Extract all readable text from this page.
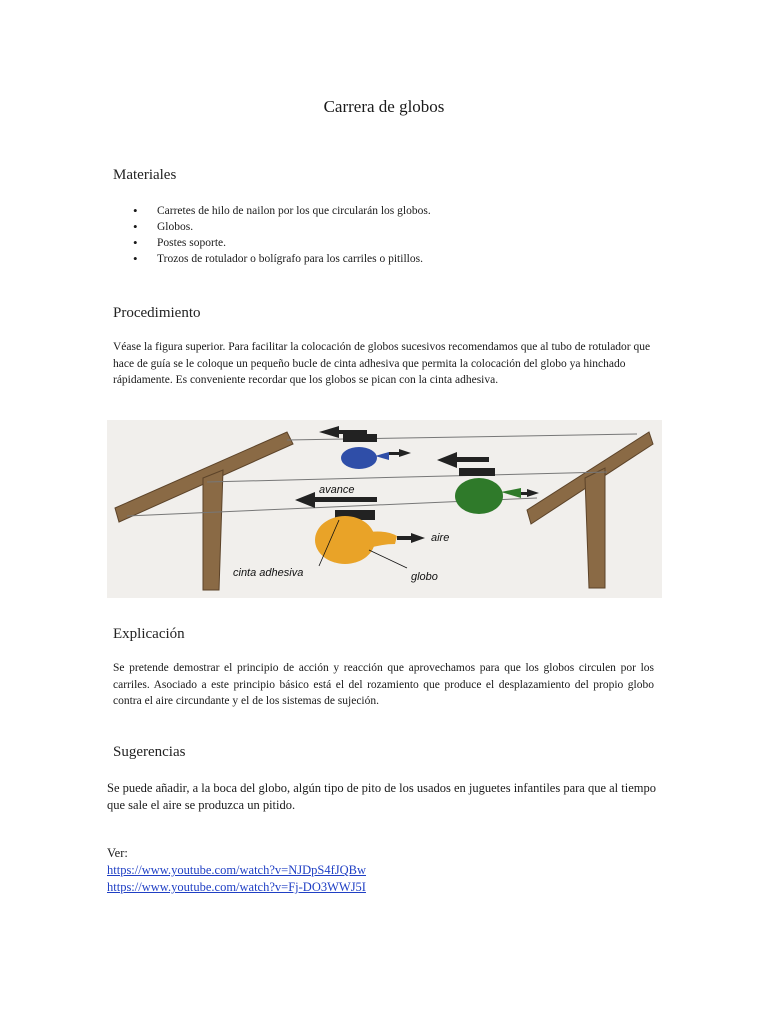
Carrera de globos
Materiales
• Carretes de hilo de nailon por los que circularán los globos.
• Globos.
• Postes soporte.
• Trozos de rotulador o bolígrafo para los carriles o pitillos.
Procedimiento

Véase la figura superior. Para facilitar la colocación de globos sucesivos recomendamos que al tubo de rotulador que hace de guía se le coloque un pequeño bucle de cinta adhesiva que permita la colocación del globo ya hinchado rápidamente. Es conveniente recordar que los globos se pican con la cinta adhesiva.

avance
aire
cinta adhesiva	globo
Explicación

Se pretende demostrar el principio de acción y reacción que aprovechamos para que los globos circulen por los carriles. Asociado a este principio básico está el del rozamiento que produce el desplazamiento del propio globo contra el aire circundante y el de los sistemas de sujeción.

Sugerencias

Se puede añadir, a la boca del globo, algún tipo de pito de los usados en juguetes infantiles para que al tiempo que sale el aire se produzca un pitido.

Ver:
https://www.youtube.com/watch?v=NJDpS4fJQBw
https://www.youtube.com/watch?v=Fj-DO3WWJ5I
